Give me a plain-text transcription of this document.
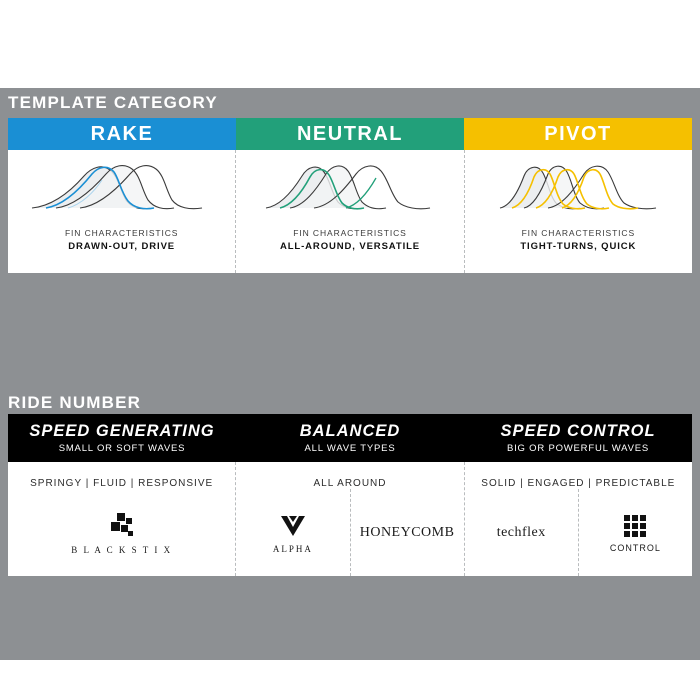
TEMPLATE CATEGORY
RAKE	NEUTRAL	PIVOT
FIN CHARACTERISTICS
DRAWN-OUT, DRIVE
FIN CHARACTERISTICS
ALL-AROUND, VERSATILE
FIN CHARACTERISTICS
TIGHT-TURNS, QUICK
RIDE NUMBER
SPEED GENERATING
SMALL OR SOFT WAVES
BALANCED
ALL WAVE TYPES
SPEED CONTROL
BIG OR POWERFUL WAVES
SPRINGY | FLUID | RESPONSIVE
B L A C K S T I X
ALL AROUND
ALPHA
HONEYCOMB
SOLID | ENGAGED | PREDICTABLE
techflex
CONTROL
